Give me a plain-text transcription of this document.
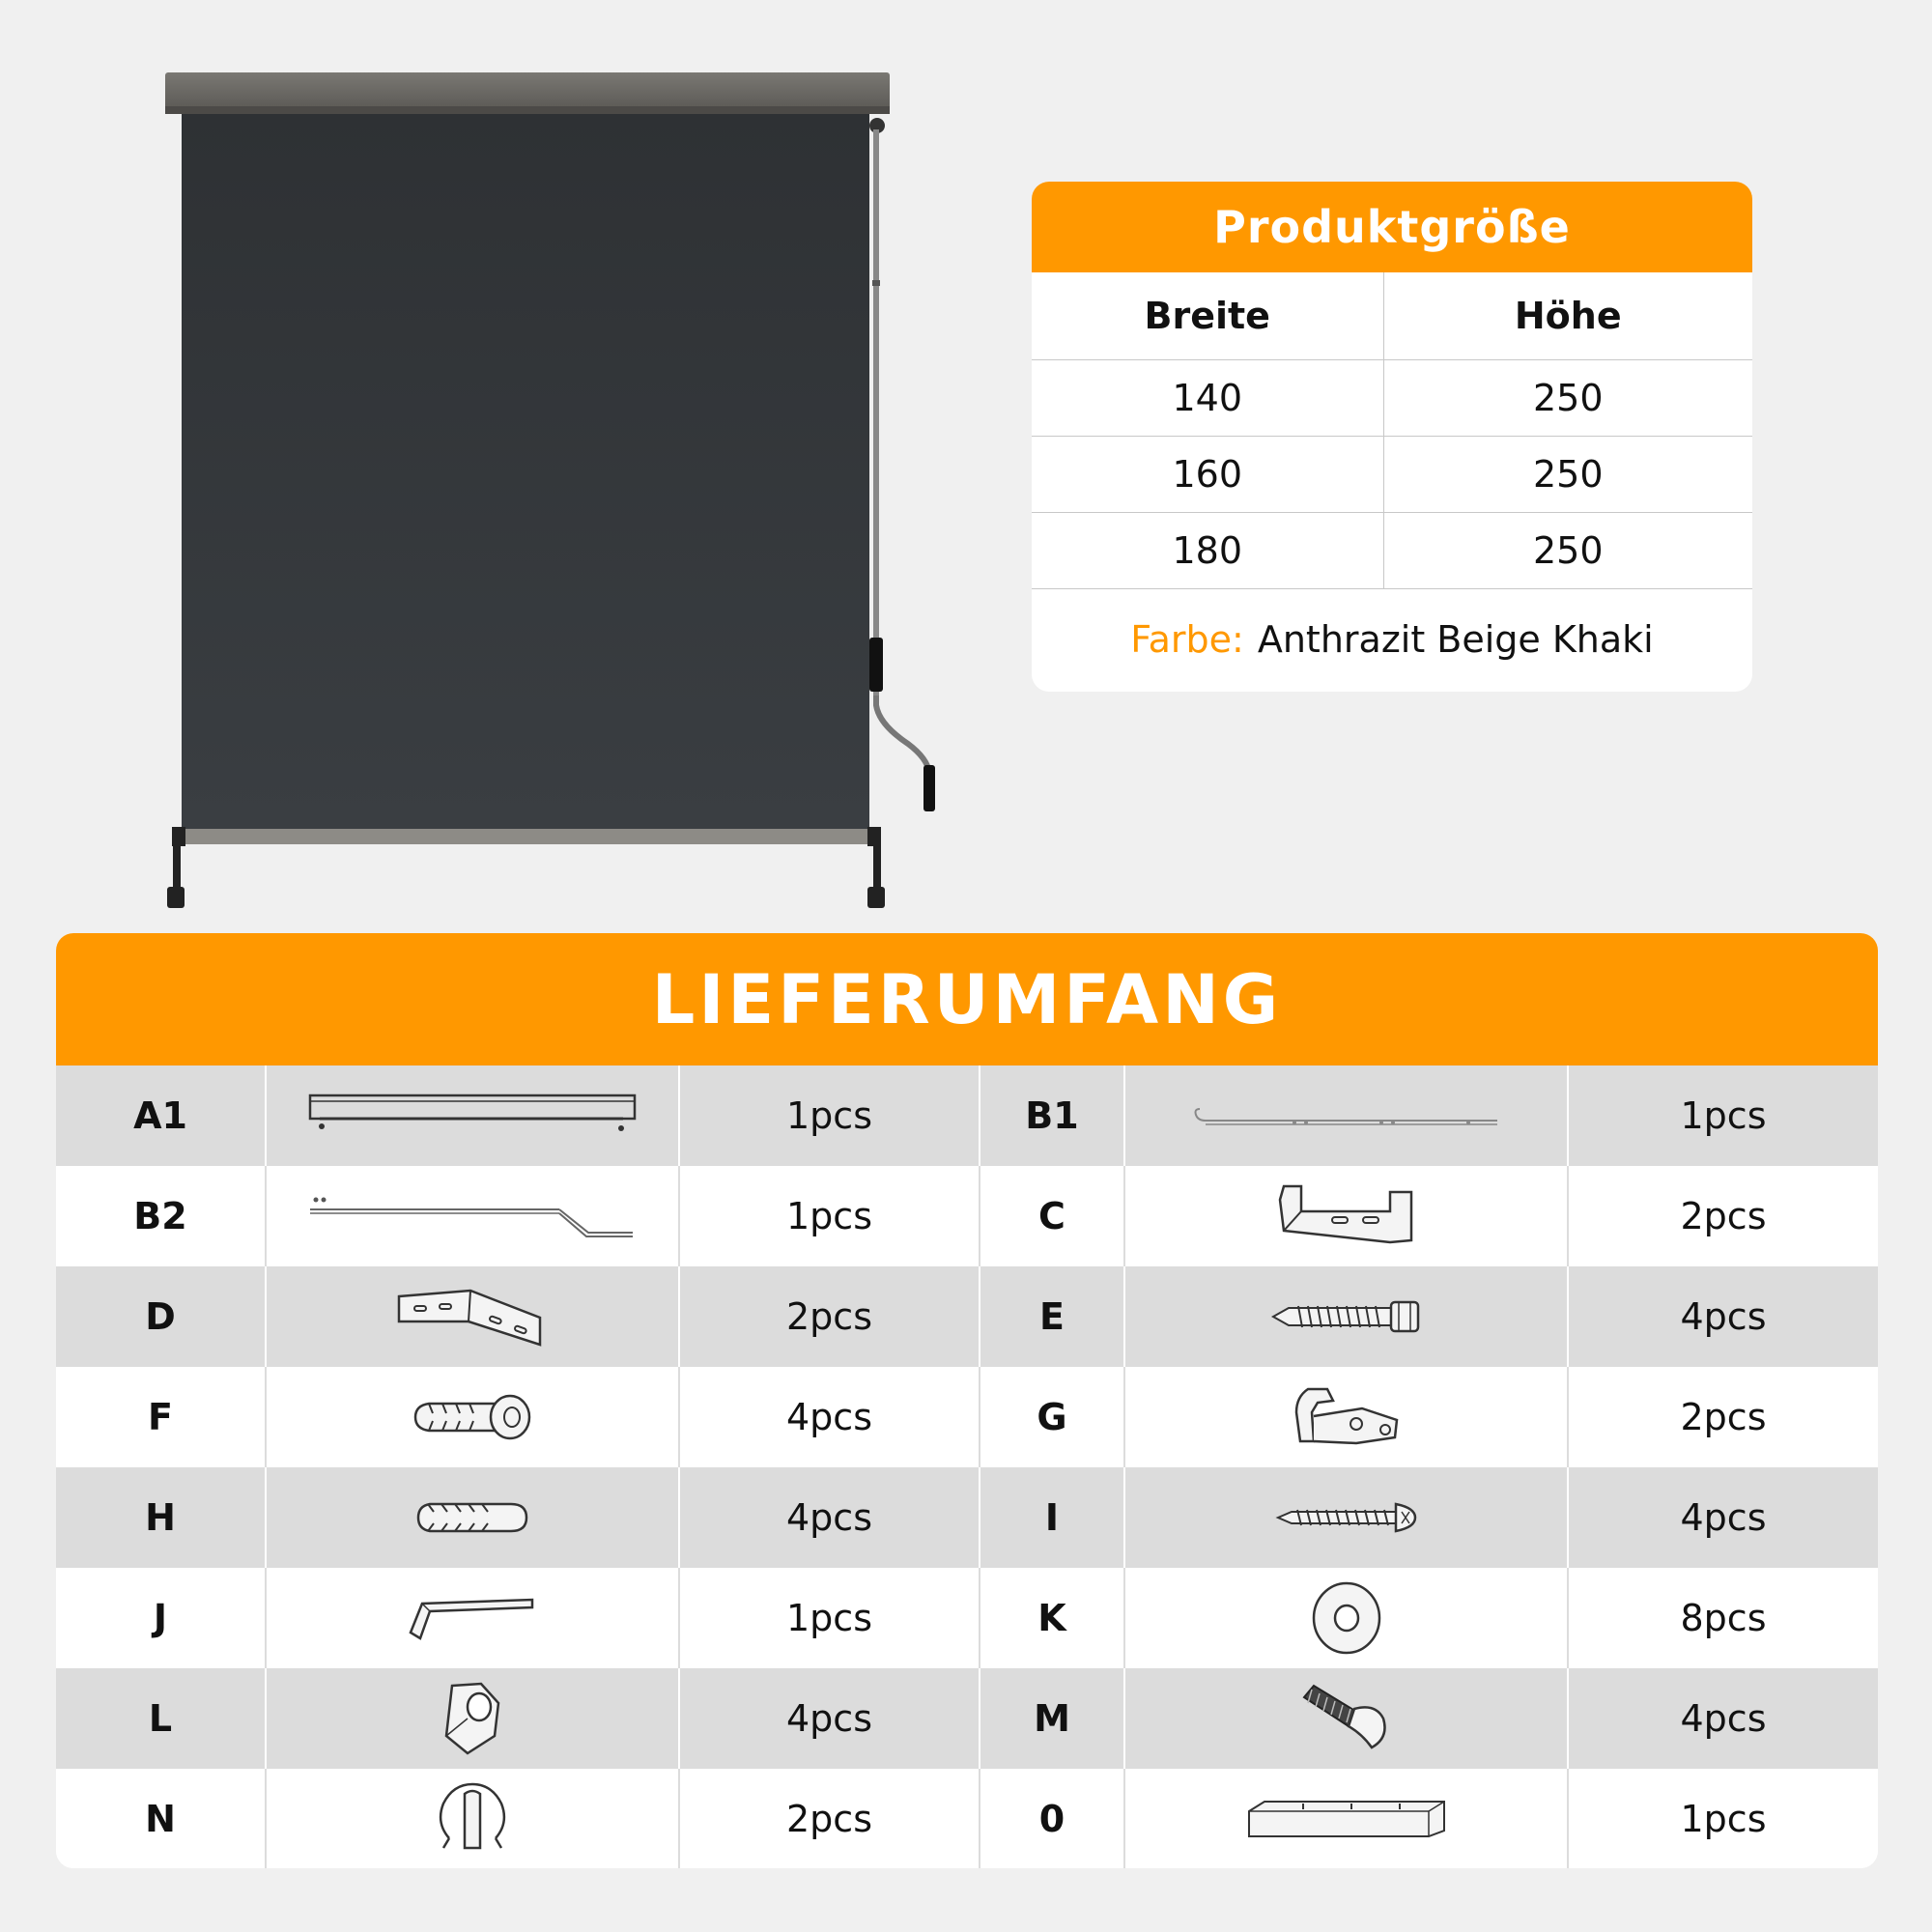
Produktgröße
Breite	Höhe
140	250
160	250
180	250
Farbe: Anthrazit Beige Khaki
LIEFERUMFANG
A1		1pcs	B1		1pcs
B2		1pcs	C		2pcs
D		2pcs	E		4pcs
F		4pcs	G		2pcs
H		4pcs	I		4pcs
J		1pcs	K		8pcs
L		4pcs	M		4pcs
N		2pcs	0		1pcs
